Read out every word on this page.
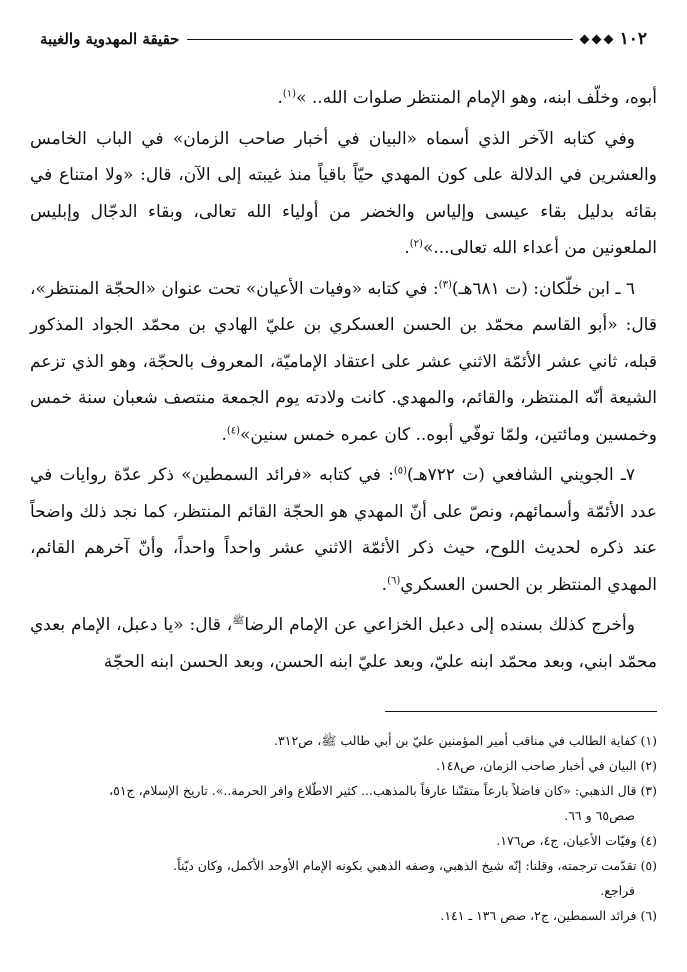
١٠٢
حقيقة المهدوية والغيبة

أبوه، وخلّف ابنه، وهو الإمام المنتظر صلوات الله.. »$^{(١)}$.

وفي كتابه الآخر الذي أسماه «البيان في أخبار صاحب الزمان» في الباب الخامس والعشرين في الدلالة على كون المهدي حيّاً باقياً منذ غيبته إلى الآن، قال: «ولا امتناع في بقائه بدليل بقاء عيسى وإلياس والخضر من أولياء الله تعالى، وبقاء الدجّال وإبليس الملعونين من أعداء الله تعالى...»$^{(٢)}$.

٦ ـ ابن خلّكان: (ت ٦٨١هـ)$^{(٣)}$: في كتابه «وفيات الأعيان» تحت عنوان «الحجّة المنتظر»، قال: «أبو القاسم محمّد بن الحسن العسكري بن عليّ الهادي بن محمّد الجواد المذكور قبله، ثاني عشر الأئمّة الاثني عشر على اعتقاد الإماميّة، المعروف بالحجّة، وهو الذي تزعم الشيعة أنّه المنتظر، والقائم، والمهدي. كانت ولادته يوم الجمعة منتصف شعبان سنة خمس وخمسين ومائتين، ولمّا توفّي أبوه.. كان عمره خمس سنين»$^{(٤)}$.

٧ـ الجويني الشافعي (ت ٧٢٢هـ)$^{(٥)}$: في كتابه «فرائد السمطين» ذكر عدّة روايات في عدد الأئمّة وأسمائهم، ونصّ على أنّ المهدي هو الحجّة القائم المنتظر، كما نجد ذلك واضحاً عند ذكره لحديث اللوح، حيث ذكر الأئمّة الاثني عشر واحداً واحداً، وأنّ آخرهم القائم، المهدي المنتظر بن الحسن العسكري$^{(٦)}$.

وأخرج كذلك بسنده إلى دعبل الخزاعي عن الإمام الرضا$^ﷺ$، قال: «يا دعبل، الإمام بعدي محمّد ابني، وبعد محمّد ابنه عليّ، وبعد عليّ ابنه الحسن، وبعد الحسن ابنه الحجّة

(١) كفاية الطالب في مناقب أمير المؤمنين عليّ بن أبي طالب ﷺ، ص٣١٢.
(٢) البيان في أخبار صاحب الزمان، ص١٤٨.
(٣) قال الذهبي: «كان فاضلاً بارعاً متقنّنا عارفاً بالمذهب... كثير الاطّلاع وافر الحرمة..». تاريخ الإسلام، ج٥١،
صص٦٥ و ٦٦.
(٤) وفيّات الأعيان، ج٤، ص١٧٦.
(٥) تقدّمت ترجمته، وقلنا: إنّه شيخ الذهبي، وصفه الذهبي بكونه الإمام الأوحد الأكمل، وكان ديّناً.
فراجع.
(٦) فرائد السمطين، ج٢، صص ١٣٦ ـ ١٤١.
